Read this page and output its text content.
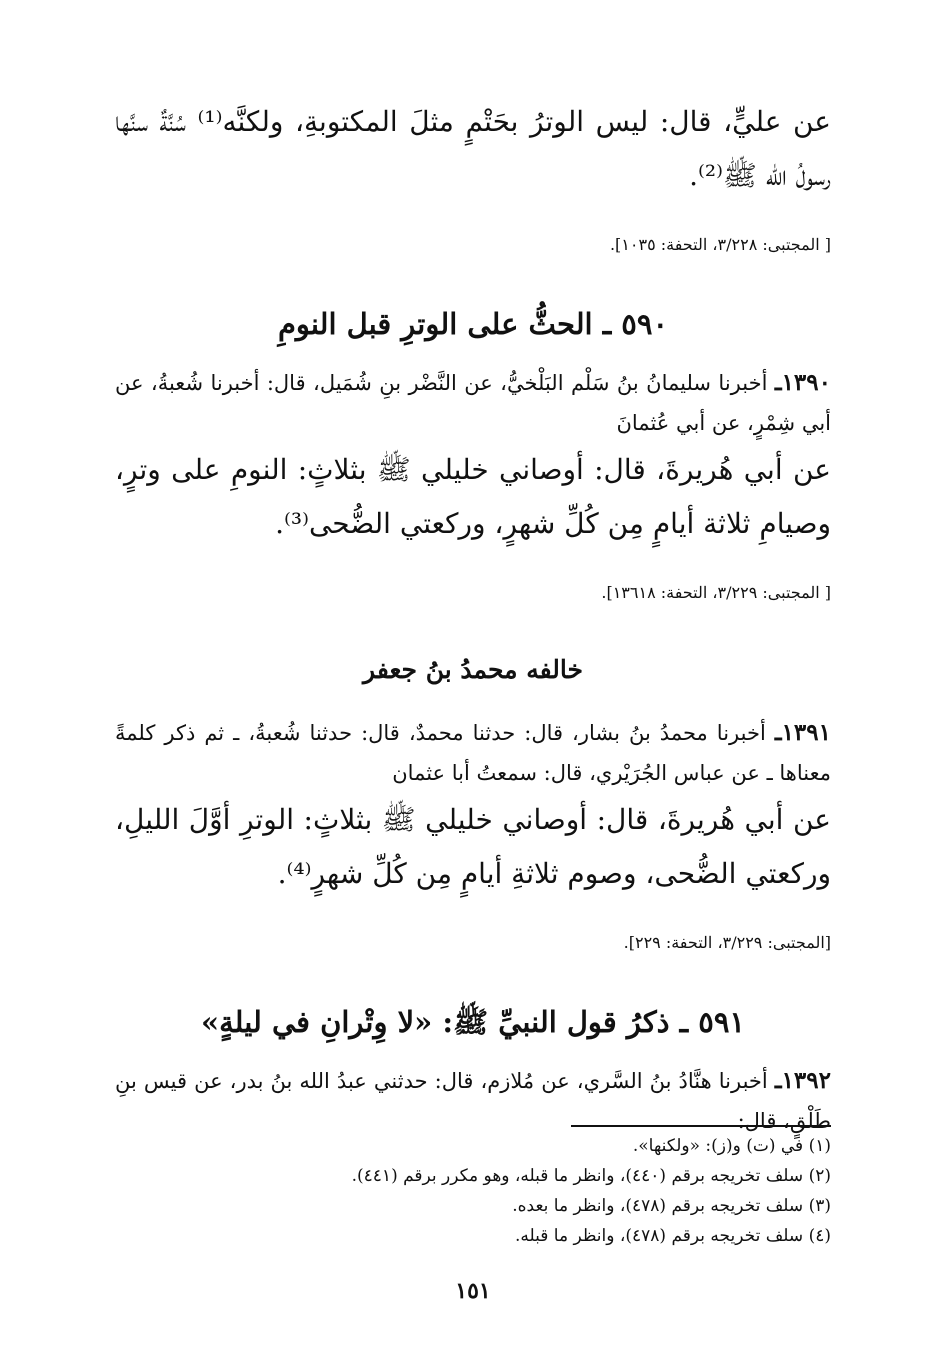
عن عليٍّ، قال: ليس الوترُ بحَتْمٍ مثلَ المكتوبةِ، ولكنَّه⁽¹⁾ سُنَّةٌ سنَّها رسولُ الله ﷺ⁽²⁾.

[ المجتبى: ٣/٢٢٨، التحفة: ١٠٣٥].

٥٩٠ ـ الحثُّ على الوترِ قبل النومِ

١٣٩٠ـ أخبرنا سليمانُ بنُ سَلْم البَلْخيُّ، عن النَّضْر بنِ شُمَيل، قال: أخبرنا شُعبةُ، عن أبي شِمْرٍ، عن أبي عُثمانَ

عن أبي هُريرةَ، قال: أوصاني خليلي ﷺ بثلاثٍ: النومِ على وترٍ، وصيامِ ثلاثة أيامٍ مِن كُلِّ شهرٍ، وركعتي الضُّحى⁽³⁾.

[ المجتبى: ٣/٢٢٩، التحفة: ١٣٦١٨].

خالفه محمدُ بنُ جعفر

١٣٩١ـ أخبرنا محمدُ بنُ بشار، قال: حدثنا محمدٌ، قال: حدثنا شُعبةُ، ـ ثم ذكر كلمةً معناها ـ عن عباس الجُرَيْري، قال: سمعتُ أبا عثمان

عن أبي هُريرةَ، قال: أوصاني خليلي ﷺ بثلاثٍ: الوترِ أوَّلَ الليلِ، وركعتي الضُّحى، وصوم ثلاثةِ أيامٍ مِن كُلِّ شهرٍ⁽⁴⁾.

[المجتبى: ٣/٢٢٩، التحفة: ٢٢٩].

٥٩١ ـ ذكرُ قول النبيِّ ﷺ: «لا وِتْرانِ في ليلةٍ»

١٣٩٢ـ أخبرنا هنَّادُ بنُ السَّري، عن مُلازم، قال: حدثني عبدُ الله بنُ بدر، عن قيس بنِ طَلْقٍ، قال:

(١) في (ت) و(ز): «ولكنها».

(٢) سلف تخريجه برقم (٤٤٠)، وانظر ما قبله، وهو مكرر برقم (٤٤١).

(٣) سلف تخريجه برقم (٤٧٨)، وانظر ما بعده.

(٤) سلف تخريجه برقم (٤٧٨)، وانظر ما قبله.

١٥١
